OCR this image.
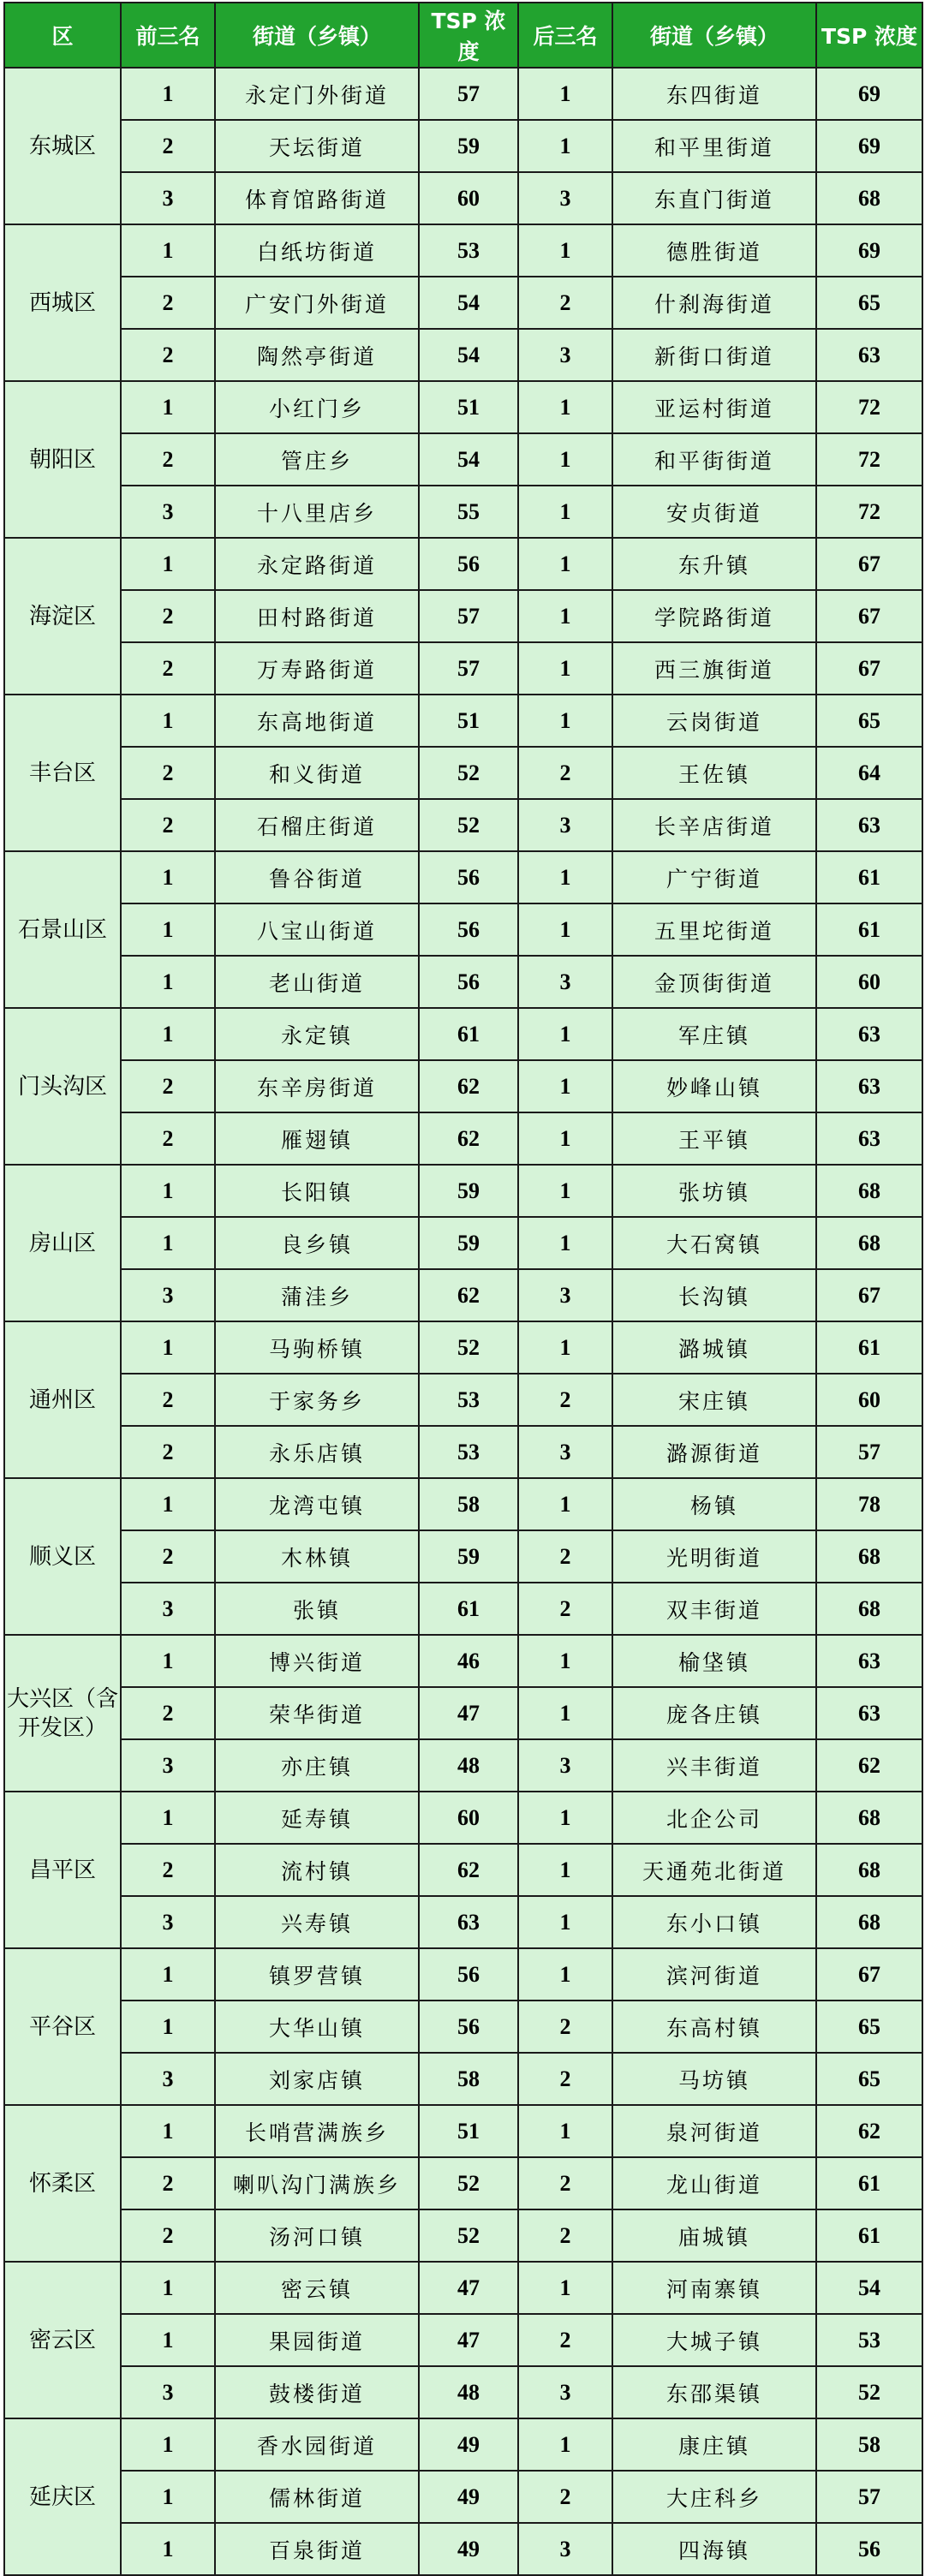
区	前三名	街道（乡镇）	TSP 浓度	后三名	街道（乡镇）	TSP 浓度
东城区	1	永定门外街道	57	1	东四街道	69
	2	天坛街道	59	1	和平里街道	69
	3	体育馆路街道	60	3	东直门街道	68
西城区	1	白纸坊街道	53	1	德胜街道	69
	2	广安门外街道	54	2	什刹海街道	65
	2	陶然亭街道	54	3	新街口街道	63
朝阳区	1	小红门乡	51	1	亚运村街道	72
	2	管庄乡	54	1	和平街街道	72
	3	十八里店乡	55	1	安贞街道	72
海淀区	1	永定路街道	56	1	东升镇	67
	2	田村路街道	57	1	学院路街道	67
	2	万寿路街道	57	1	西三旗街道	67
丰台区	1	东高地街道	51	1	云岗街道	65
	2	和义街道	52	2	王佐镇	64
	2	石榴庄街道	52	3	长辛店街道	63
石景山区	1	鲁谷街道	56	1	广宁街道	61
	1	八宝山街道	56	1	五里坨街道	61
	1	老山街道	56	3	金顶街街道	60
门头沟区	1	永定镇	61	1	军庄镇	63
	2	东辛房街道	62	1	妙峰山镇	63
	2	雁翅镇	62	1	王平镇	63
房山区	1	长阳镇	59	1	张坊镇	68
	1	良乡镇	59	1	大石窝镇	68
	3	蒲洼乡	62	3	长沟镇	67
通州区	1	马驹桥镇	52	1	潞城镇	61
	2	于家务乡	53	2	宋庄镇	60
	2	永乐店镇	53	3	潞源街道	57
顺义区	1	龙湾屯镇	58	1	杨镇	78
	2	木林镇	59	2	光明街道	68
	3	张镇	61	2	双丰街道	68
大兴区（含开发区）	1	博兴街道	46	1	榆垡镇	63
	2	荣华街道	47	1	庞各庄镇	63
	3	亦庄镇	48	3	兴丰街道	62
昌平区	1	延寿镇	60	1	北企公司	68
	2	流村镇	62	1	天通苑北街道	68
	3	兴寿镇	63	1	东小口镇	68
平谷区	1	镇罗营镇	56	1	滨河街道	67
	1	大华山镇	56	2	东高村镇	65
	3	刘家店镇	58	2	马坊镇	65
怀柔区	1	长哨营满族乡	51	1	泉河街道	62
	2	喇叭沟门满族乡	52	2	龙山街道	61
	2	汤河口镇	52	2	庙城镇	61
密云区	1	密云镇	47	1	河南寨镇	54
	1	果园街道	47	2	大城子镇	53
	3	鼓楼街道	48	3	东邵渠镇	52
延庆区	1	香水园街道	49	1	康庄镇	58
	1	儒林街道	49	2	大庄科乡	57
	1	百泉街道	49	3	四海镇	56
